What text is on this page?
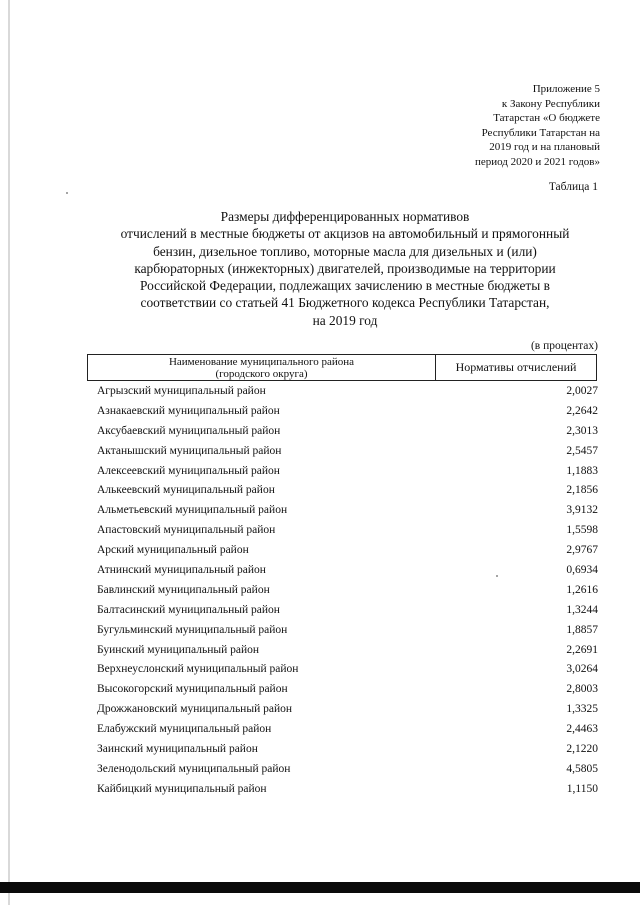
Приложение 5
к Закону Республики
Татарстан «О бюджете
Республики Татарстан на
2019 год и на плановый
период 2020 и 2021 годов»
Таблица 1
Размеры дифференцированных нормативов
отчислений в местные бюджеты от акцизов на автомобильный и прямогонный
бензин, дизельное топливо, моторные масла для дизельных и (или)
карбюраторных (инжекторных) двигателей, производимые на территории
Российской Федерации, подлежащих зачислению в местные бюджеты в
соответствии со статьей 41 Бюджетного кодекса Республики Татарстан,
на 2019 год
(в процентах)
Наименование муниципального района
(городского округа)	Нормативы отчислений
Агрызский муниципальный район	2,0027
Азнакаевский муниципальный район	2,2642
Аксубаевский муниципальный район	2,3013
Актанышский муниципальный район	2,5457
Алексеевский муниципальный район	1,1883
Алькеевский муниципальный район	2,1856
Альметьевский муниципальный район	3,9132
Апастовский муниципальный район	1,5598
Арский муниципальный район	2,9767
Атнинский муниципальный район	0,6934
Бавлинский муниципальный район	1,2616
Балтасинский муниципальный район	1,3244
Бугульминский муниципальный район	1,8857
Буинский муниципальный район	2,2691
Верхнеуслонский муниципальный район	3,0264
Высокогорский муниципальный район	2,8003
Дрожжановский муниципальный район	1,3325
Елабужский муниципальный район	2,4463
Заинский муниципальный район	2,1220
Зеленодольский муниципальный район	4,5805
Кайбицкий муниципальный район	1,1150
